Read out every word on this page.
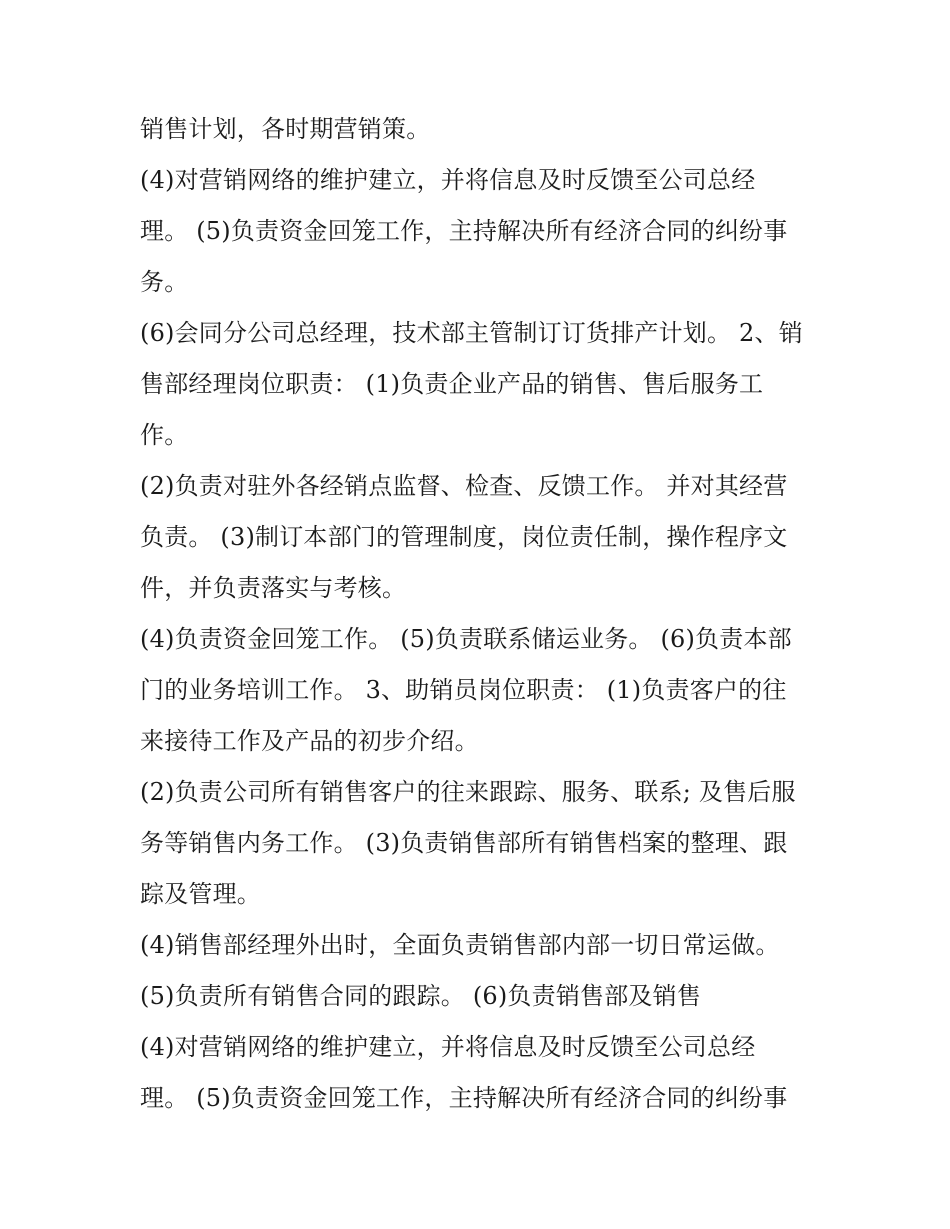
销售计划，各时期营销策。
(4)对营销网络的维护建立，并将信息及时反馈至公司总经
理。 (5)负责资金回笼工作，主持解决所有经济合同的纠纷事
务。
(6)会同分公司总经理，技术部主管制订订货排产计划。 2、销
售部经理岗位职责： (1)负责企业产品的销售、售后服务工
作。
(2)负责对驻外各经销点监督、检查、反馈工作。 并对其经营
负责。 (3)制订本部门的管理制度，岗位责任制，操作程序文
件，并负责落实与考核。
(4)负责资金回笼工作。 (5)负责联系储运业务。 (6)负责本部
门的业务培训工作。 3、助销员岗位职责： (1)负责客户的往
来接待工作及产品的初步介绍。
(2)负责公司所有销售客户的往来跟踪、服务、联系; 及售后服
务等销售内务工作。 (3)负责销售部所有销售档案的整理、跟
踪及管理。
(4)销售部经理外出时，全面负责销售部内部一切日常运做。
(5)负责所有销售合同的跟踪。 (6)负责销售部及销售
(4)对营销网络的维护建立，并将信息及时反馈至公司总经
理。 (5)负责资金回笼工作，主持解决所有经济合同的纠纷事
